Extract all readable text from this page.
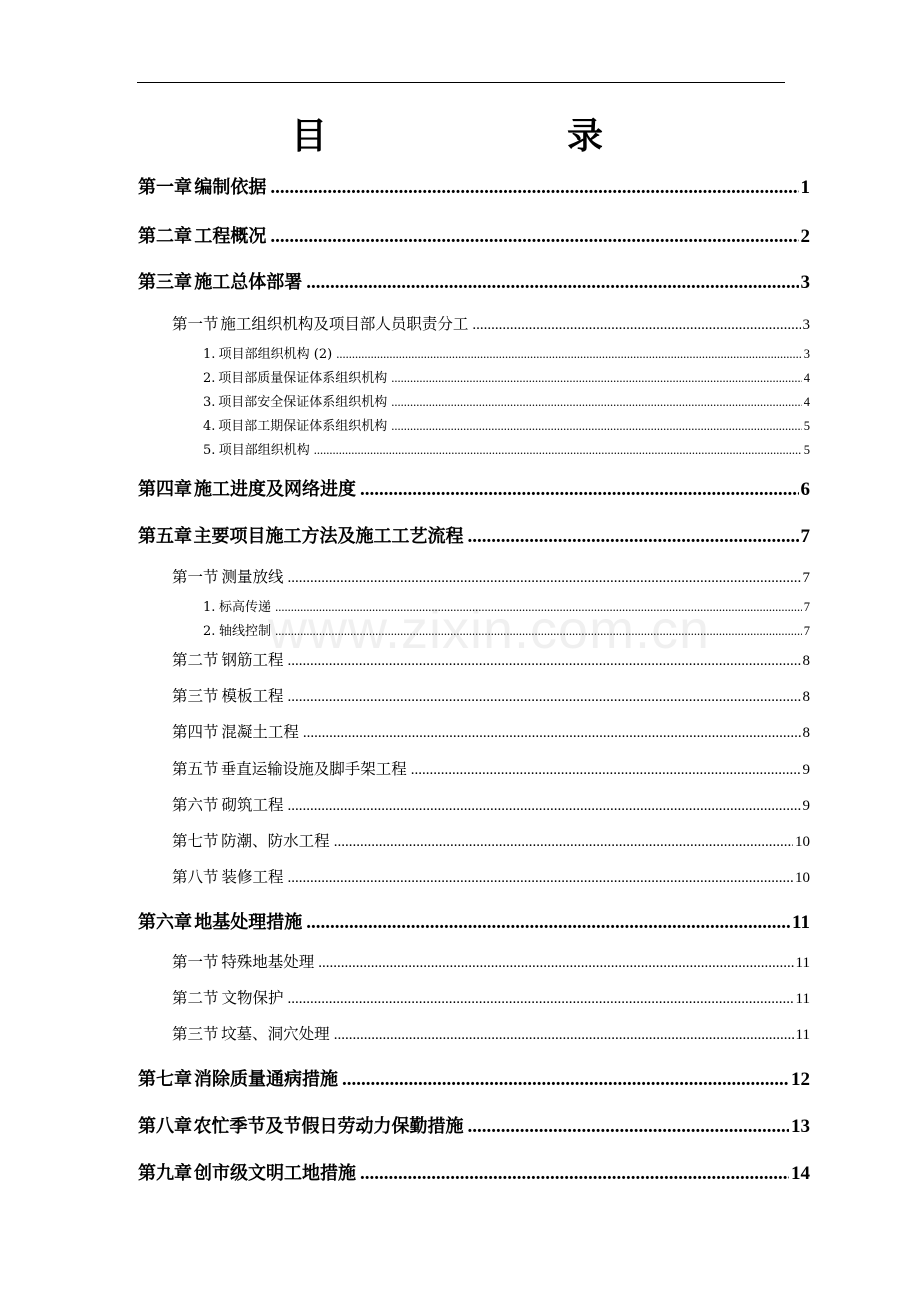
目　　录
www.zixin.com.cn
第一章 编制依据 .....	1
第二章 工程概况 .....	2
第三章 施工总体部署 .....	3
第一节 施工组织机构及项目部人员职责分工 .....	3
1. 项目部组织机构 (2) .....	3
2. 项目部质量保证体系组织机构 .....	4
3. 项目部安全保证体系组织机构 .....	4
4. 项目部工期保证体系组织机构 .....	5
5. 项目部组织机构 .....	5
第四章 施工进度及网络进度 .....	6
第五章 主要项目施工方法及施工工艺流程 .....	7
第一节 测量放线 .....	7
1. 标高传递 .....	7
2. 轴线控制 .....	7
第二节 钢筋工程 .....	8
第三节 模板工程 .....	8
第四节 混凝土工程 .....	8
第五节 垂直运输设施及脚手架工程 .....	9
第六节 砌筑工程 .....	9
第七节 防潮、防水工程 .....	10
第八节 装修工程 .....	10
第六章 地基处理措施 .....	11
第一节 特殊地基处理 .....	11
第二节 文物保护 .....	11
第三节 坟墓、洞穴处理 .....	11
第七章 消除质量通病措施 .....	12
第八章 农忙季节及节假日劳动力保勤措施 .....	13
第九章 创市级文明工地措施 .....	14
